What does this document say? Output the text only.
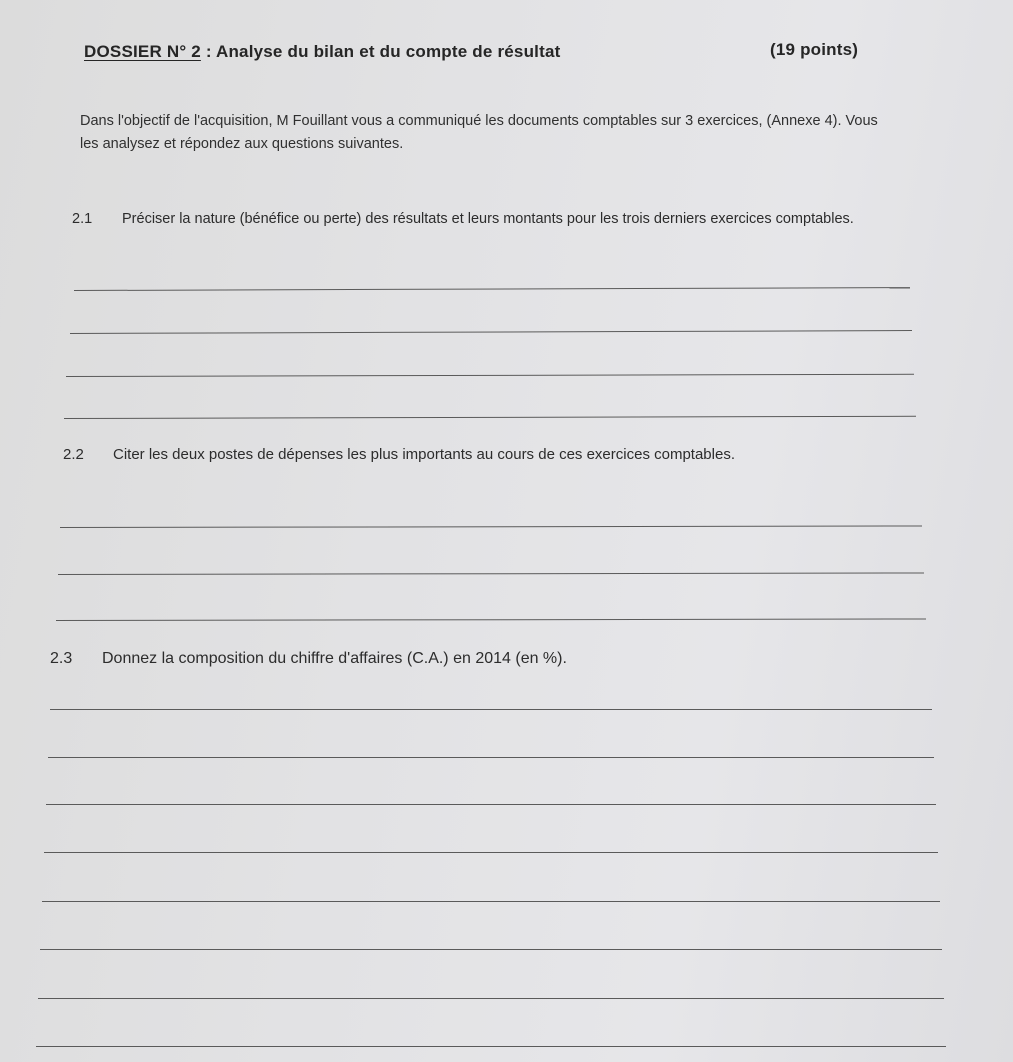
DOSSIER N° 2 : Analyse du bilan et du compte de résultat	(19 points)
Dans l'objectif de l'acquisition, M Fouillant vous a communiqué les documents comptables sur 3 exercices, (Annexe 4). Vous les analysez et répondez aux questions suivantes.
2.1 Préciser la nature (bénéfice ou perte) des résultats et leurs montants pour les trois derniers exercices comptables.
2.2 Citer les deux postes de dépenses les plus importants au cours de ces exercices comptables.
2.3 Donnez la composition du chiffre d'affaires (C.A.) en 2014 (en %).
